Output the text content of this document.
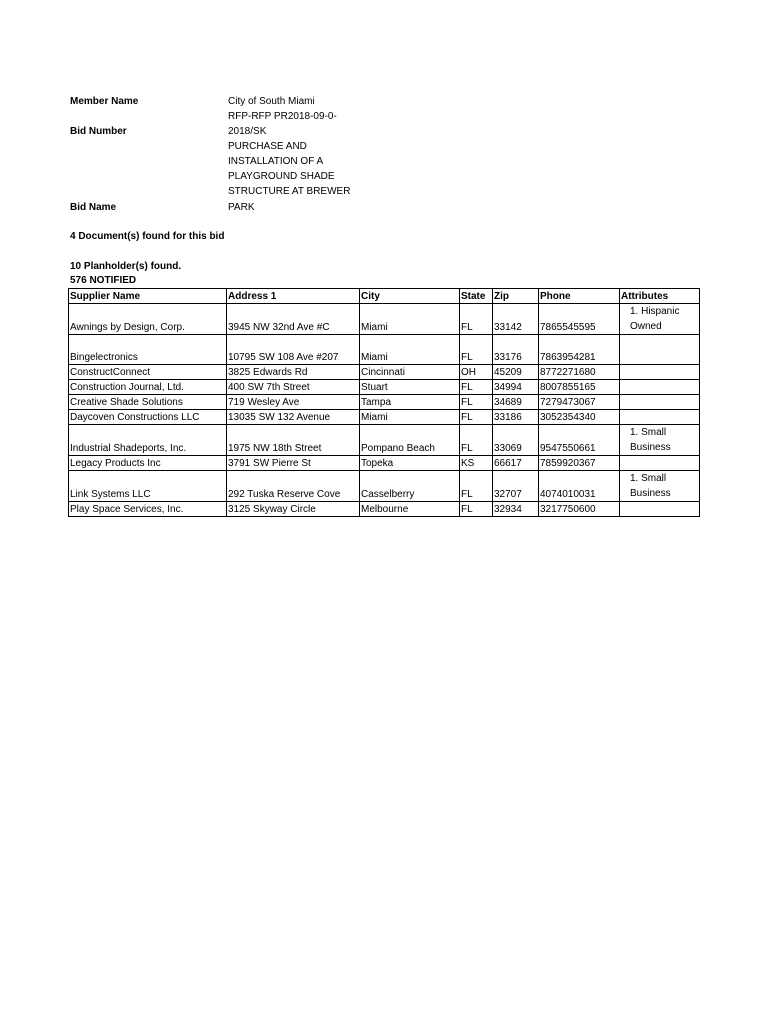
Member Name	City of South Miami
RFP-RFP PR2018-09-0-
Bid Number	2018/SK
PURCHASE AND
INSTALLATION OF A
PLAYGROUND SHADE
STRUCTURE AT BREWER
Bid Name	PARK
4 Document(s) found for this bid
10 Planholder(s) found.
576 NOTIFIED
Supplier Name	Address 1	City	State	Zip	Phone	Attributes
Awnings by Design, Corp.	3945 NW 32nd Ave #C	Miami	FL	33142	7865545595	1. Hispanic
Owned

Bingelectronics	10795 SW 108 Ave #207	Miami	FL	33176	7863954281	
ConstructConnect	3825 Edwards Rd	Cincinnati	OH	45209	8772271680	
Construction Journal, Ltd.	400 SW 7th Street	Stuart	FL	34994	8007855165	
Creative Shade Solutions	719 Wesley Ave	Tampa	FL	34689	7279473067	
Daycoven Constructions LLC	13035 SW 132 Avenue	Miami	FL	33186	3052354340	
Industrial Shadeports, Inc.	1975 NW 18th Street	Pompano Beach	FL	33069	9547550661	1. Small
Business

Legacy Products Inc	3791 SW Pierre St	Topeka	KS	66617	7859920367	
Link Systems LLC	292 Tuska Reserve Cove	Casselberry	FL	32707	4074010031	1. Small
Business

Play Space Services, Inc.	3125 Skyway Circle	Melbourne	FL	32934	3217750600	
